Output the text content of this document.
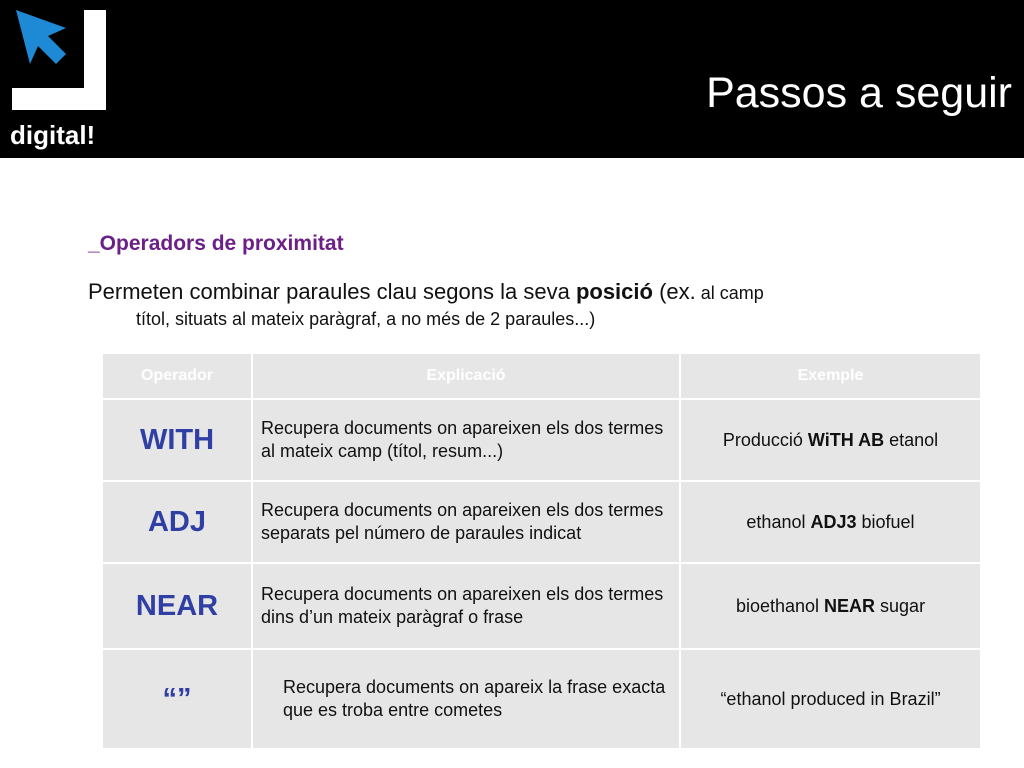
digital!
Passos a seguir
_Operadors de proximitat
Permeten combinar paraules clau segons la seva posició (ex. al camp
títol, situats al mateix paràgraf, a no més de 2 paraules...)
Operador	Explicació	Exemple
WITH	Recupera documents on apareixen els dos termes al mateix camp (títol, resum...)	Producció WiTH AB etanol
ADJ	Recupera documents on apareixen els dos termes separats pel número de paraules indicat	ethanol ADJ3 biofuel
NEAR	Recupera documents on apareixen els dos termes dins d’un mateix paràgraf o frase	bioethanol NEAR sugar
“”	Recupera documents on apareix la frase exacta que es troba entre cometes	“ethanol produced in Brazil”
